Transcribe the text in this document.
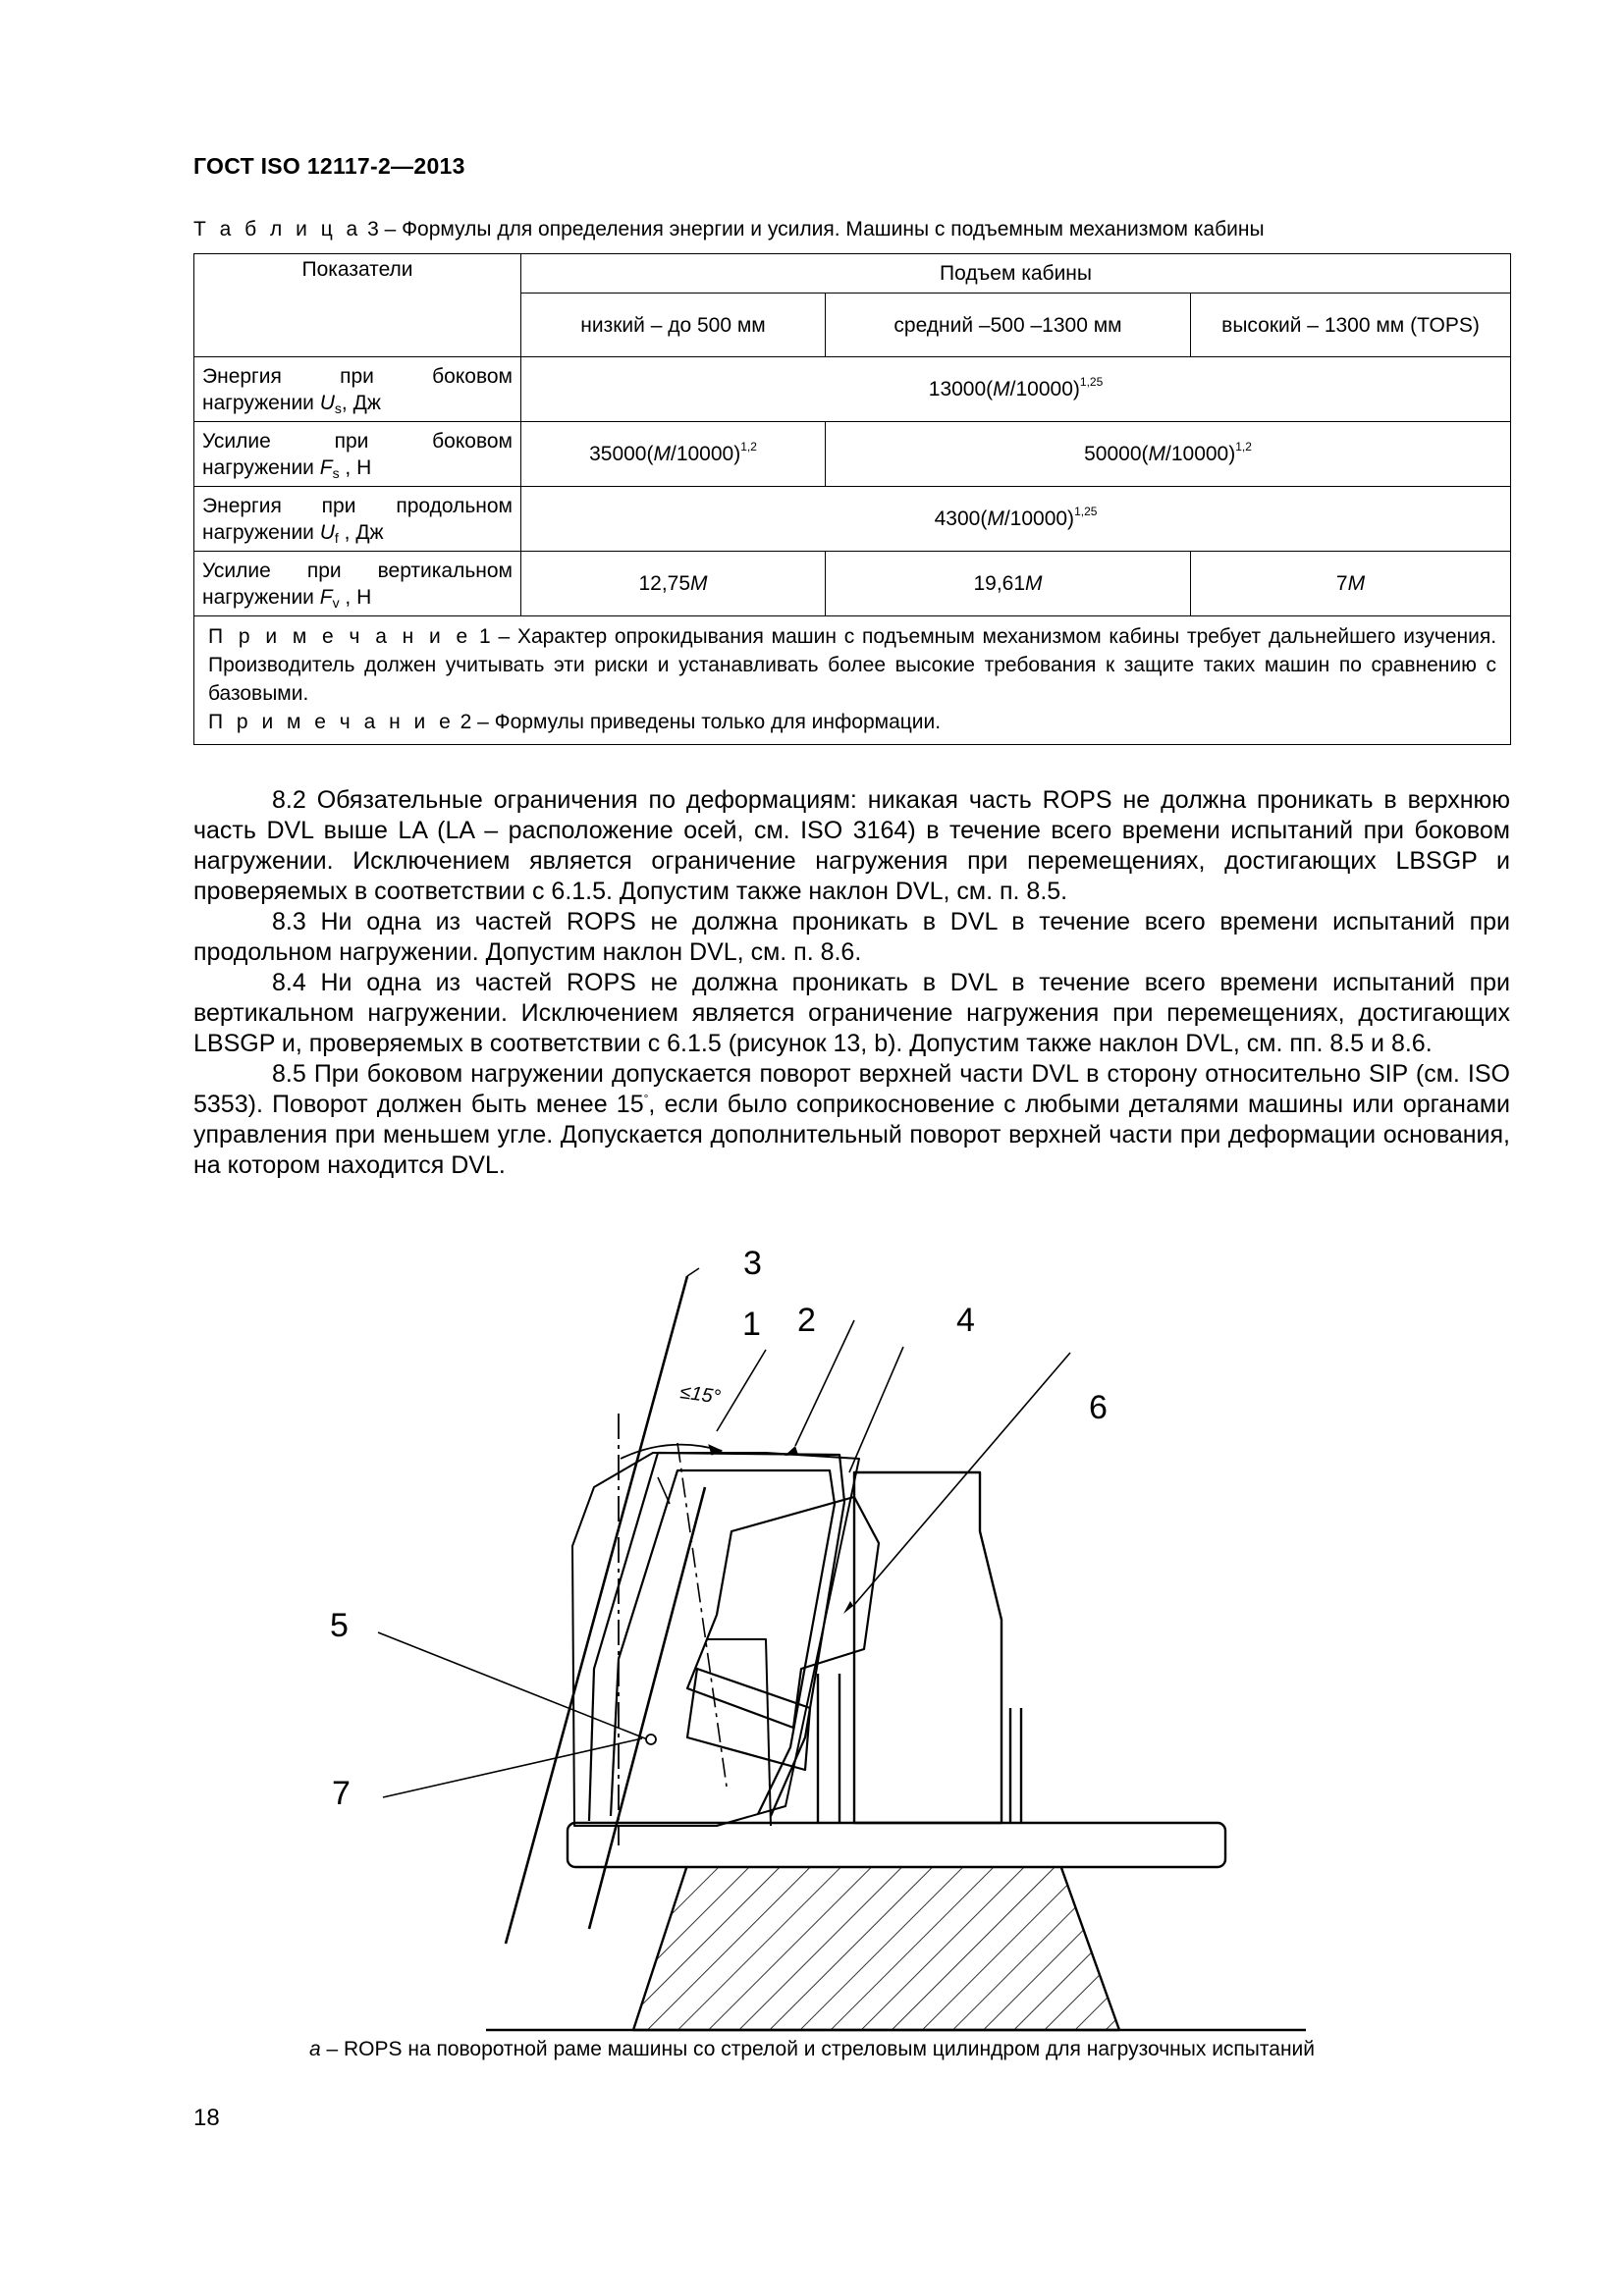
ГОСТ ISO 12117-2—2013
Т а б л и ц а 3 – Формулы для определения энергии и усилия. Машины с подъемным механизмом кабины
Показатели	Подъем кабины		
	низкий – до 500 мм	средний –500 –1300 мм	высокий – 1300 мм (TOPS)
Энергия при боковом нагружении $U_s$, Дж	$13000(M/10000)^{1,25}$
Усилие при боковом нагружении $F_s$ , Н	$35000(M/10000)^{1,2}$	$50000(M/10000)^{1,2}$
Энергия при продольном нагружении $U_f$ , Дж	$4300(M/10000)^{1,25}$
Усилие при вертикальном нагружении $F_v$ , Н	12,75M	19,61M	7M

П р и м е ч а н и е 1 – Характер опрокидывания машин с подъемным механизмом кабины требует дальнейшего изучения. Производитель должен учитывать эти риски и устанавливать более высокие требования к защите таких машин по сравнению с базовыми.
П р и м е ч а н и е 2 – Формулы приведены только для информации.			

8.2 Обязательные ограничения по деформациям: никакая часть ROPS не должна проникать в верхнюю часть DVL выше LA (LA – расположение осей, см. ISO 3164) в течение всего времени испытаний при боковом нагружении. Исключением является ограничение нагружения при перемещениях, достигающих LBSGP и проверяемых в соответствии с 6.1.5. Допустим также наклон DVL, см. п. 8.5.

8.3 Ни одна из частей ROPS не должна проникать в DVL в течение всего времени испытаний при продольном нагружении. Допустим наклон DVL, см. п. 8.6.

8.4 Ни одна из частей ROPS не должна проникать в DVL в течение всего времени испытаний при вертикальном нагружении. Исключением является ограничение нагружения при перемещениях, достигающих LBSGP и, проверяемых в соответствии с 6.1.5 (рисунок 13, b). Допустим также наклон DVL, см. пп. 8.5 и 8.6.

8.5 При боковом нагружении допускается поворот верхней части DVL в сторону относительно SIP (см. ISO 5353). Поворот должен быть менее 15°, если было соприкосновение с любыми деталями машины или органами управления при меньшем угле. Допускается дополнительный поворот верхней части при деформации основания, на котором находится DVL.

1 2
3
4
5
6
7
≤15°
a – ROPS на поворотной раме машины со стрелой и стреловым цилиндром для нагрузочных испытаний
18
